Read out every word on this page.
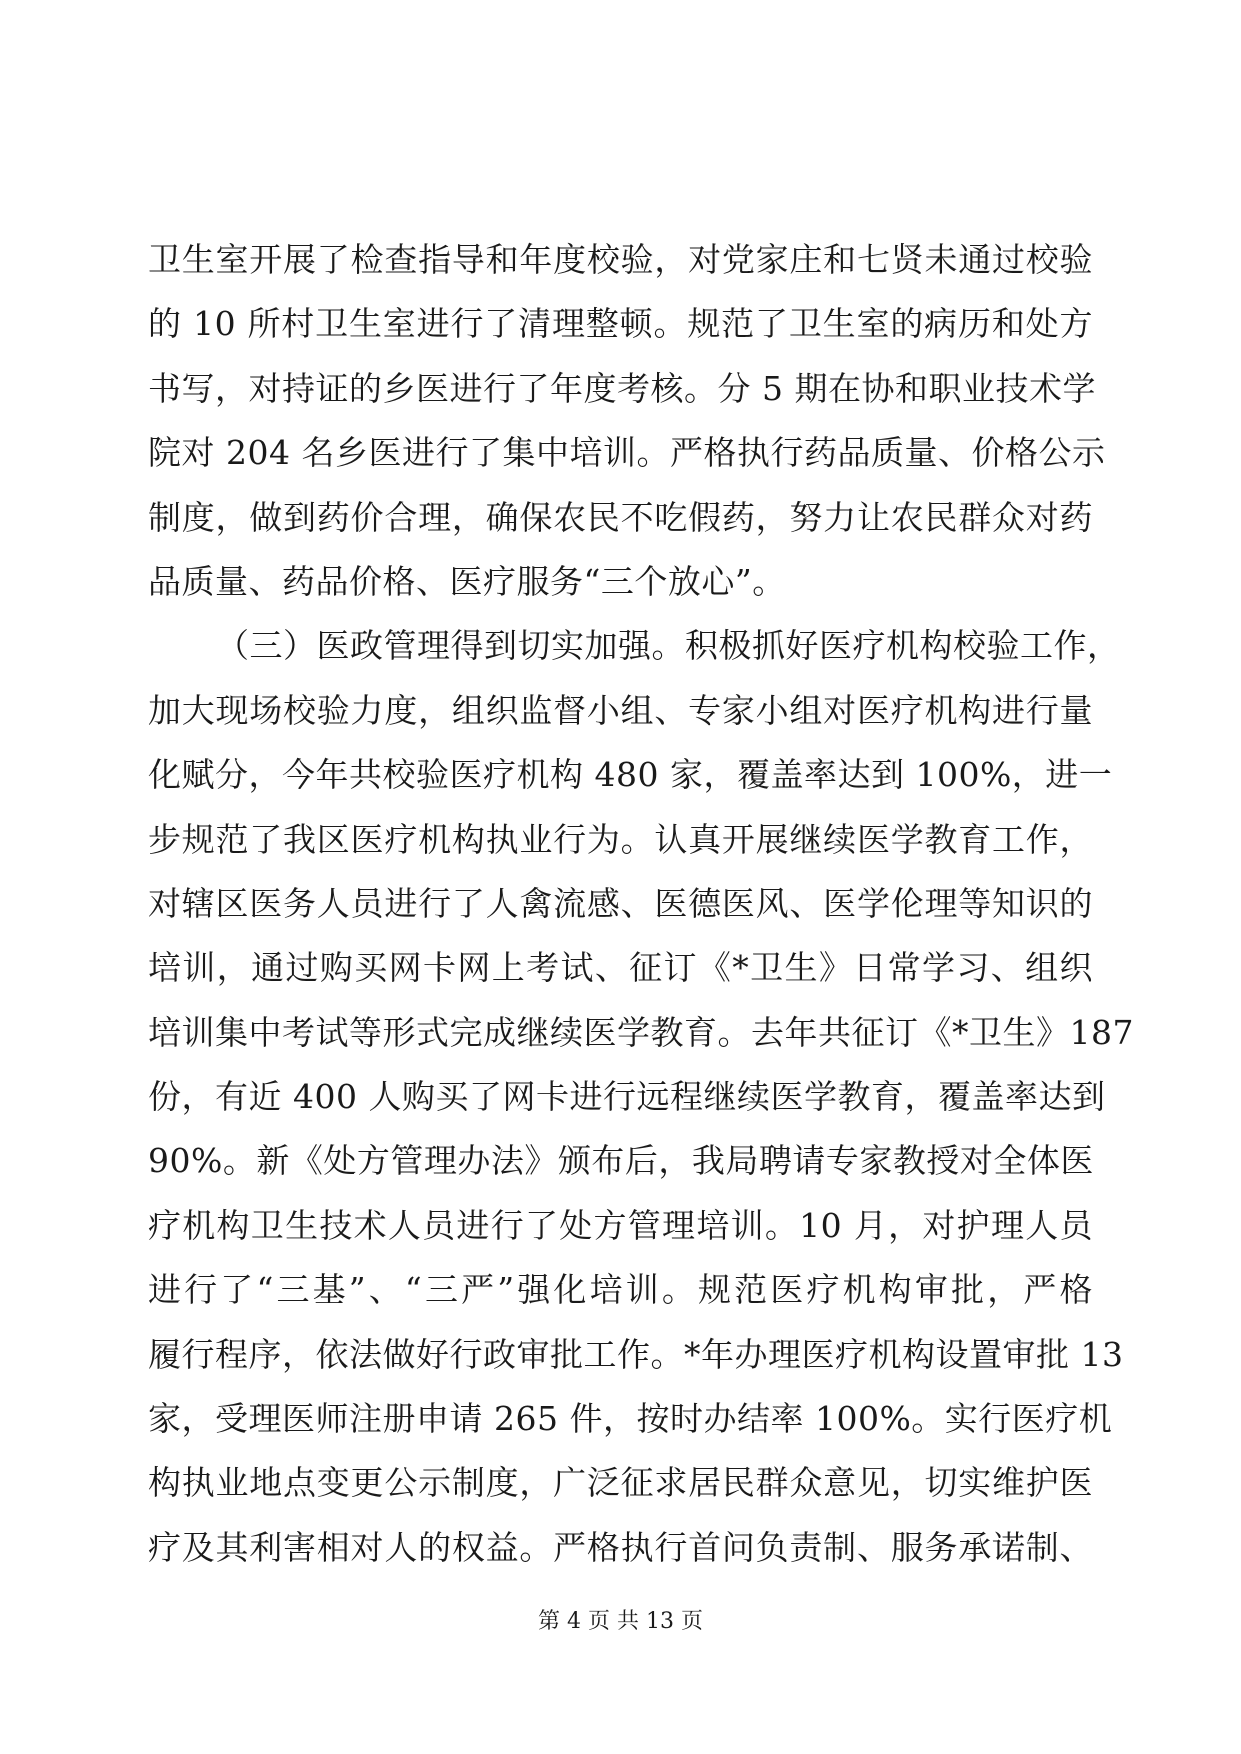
卫生室开展了检查指导和年度校验，对党家庄和七贤未通过校验
的 10 所村卫生室进行了清理整顿。规范了卫生室的病历和处方
书写，对持证的乡医进行了年度考核。分 5 期在协和职业技术学
院对 204 名乡医进行了集中培训。严格执行药品质量、价格公示
制度，做到药价合理，确保农民不吃假药，努力让农民群众对药
品质量、药品价格、医疗服务“三个放心”。
（三）医政管理得到切实加强。积极抓好医疗机构校验工作，
加大现场校验力度，组织监督小组、专家小组对医疗机构进行量
化赋分，今年共校验医疗机构 480 家，覆盖率达到 100%，进一
步规范了我区医疗机构执业行为。认真开展继续医学教育工作，
对辖区医务人员进行了人禽流感、医德医风、医学伦理等知识的
培训，通过购买网卡网上考试、征订《*卫生》日常学习、组织
培训集中考试等形式完成继续医学教育。去年共征订《*卫生》187
份，有近 400 人购买了网卡进行远程继续医学教育，覆盖率达到
90%。新《处方管理办法》颁布后，我局聘请专家教授对全体医
疗机构卫生技术人员进行了处方管理培训。10 月，对护理人员
进行了“三基”、“三严”强化培训。规范医疗机构审批，严格
履行程序，依法做好行政审批工作。*年办理医疗机构设置审批 13
家，受理医师注册申请 265 件，按时办结率 100%。实行医疗机
构执业地点变更公示制度，广泛征求居民群众意见，切实维护医
疗及其利害相对人的权益。严格执行首问负责制、服务承诺制、
第 4 页 共 13 页
